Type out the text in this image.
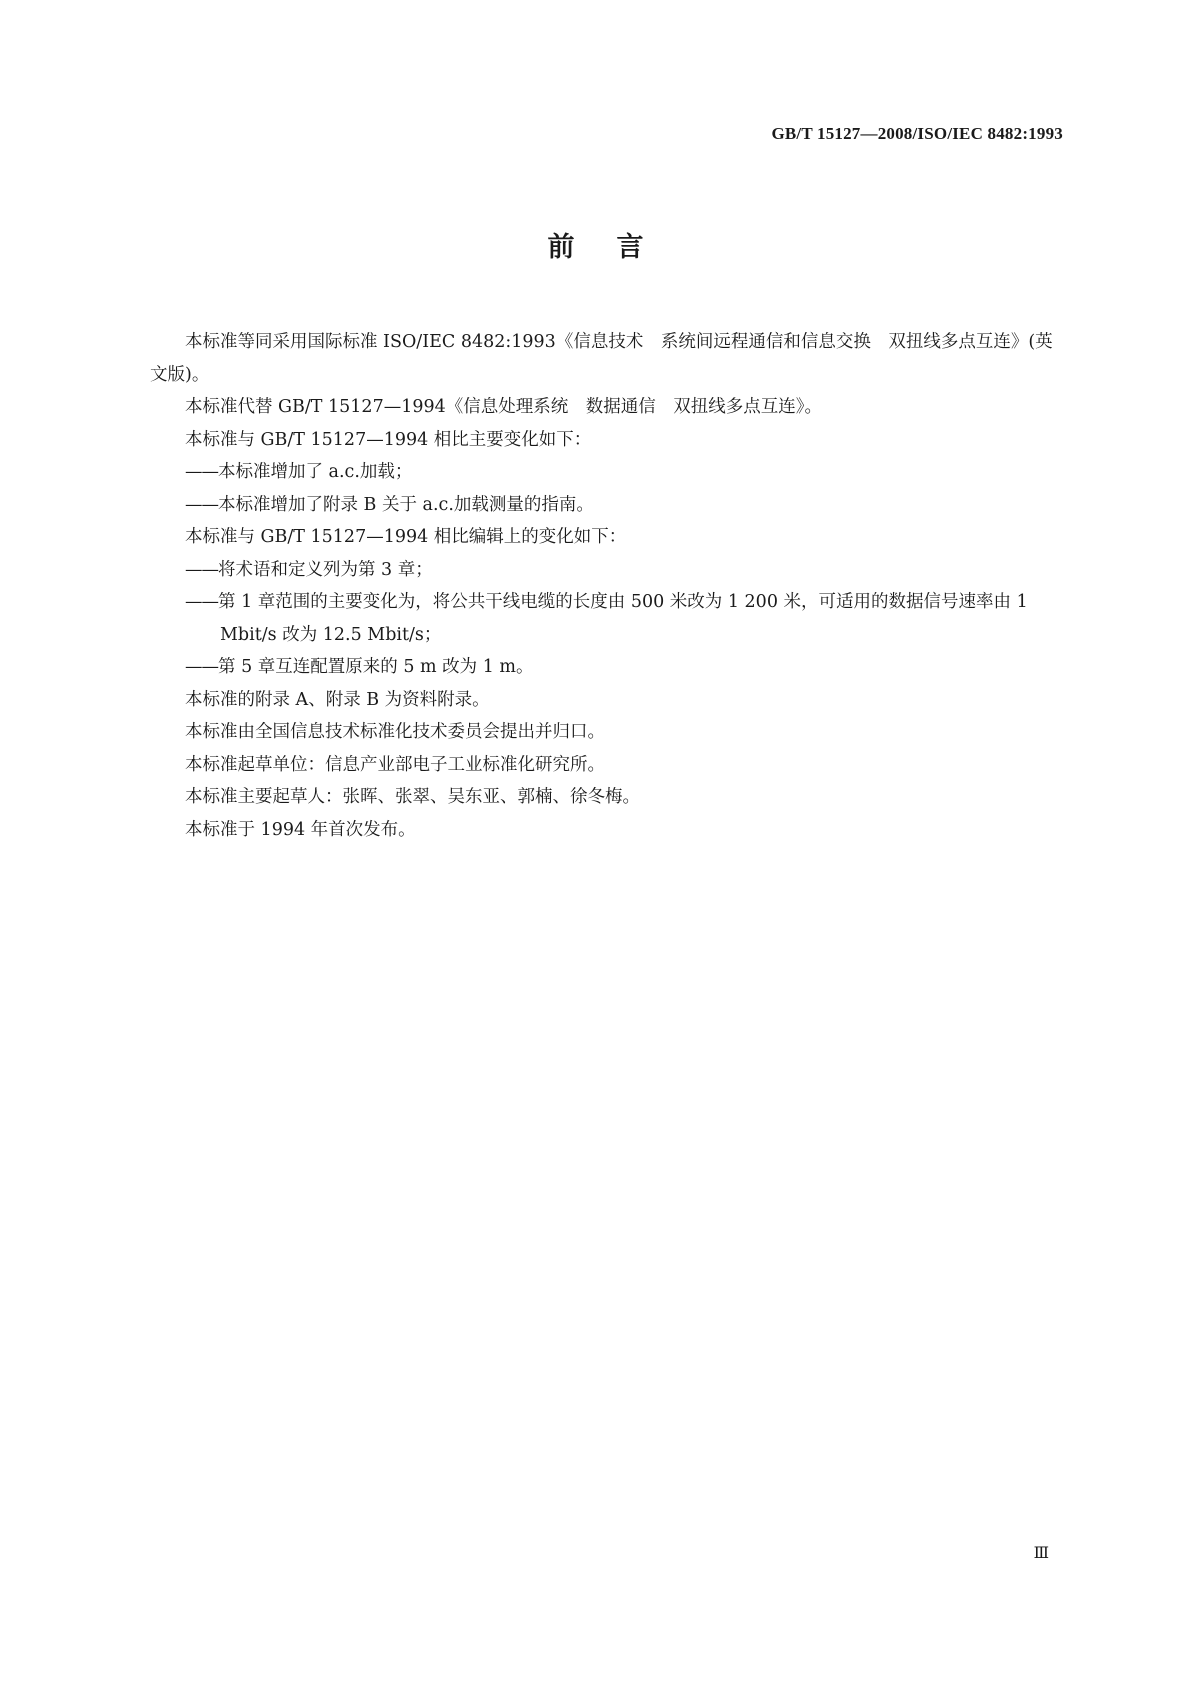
GB/T 15127—2008/ISO/IEC 8482:1993
前言

本标准等同采用国际标准 ISO/IEC 8482:1993《信息技术　系统间远程通信和信息交换　双扭线多点互连》(英文版)。

本标准代替 GB/T 15127—1994《信息处理系统　数据通信　双扭线多点互连》。

本标准与 GB/T 15127—1994 相比主要变化如下：

——本标准增加了 a.c.加载；

——本标准增加了附录 B 关于 a.c.加载测量的指南。

本标准与 GB/T 15127—1994 相比编辑上的变化如下：

——将术语和定义列为第 3 章；

——第 1 章范围的主要变化为，将公共干线电缆的长度由 500 米改为 1 200 米，可适用的数据信号速率由 1 Mbit/s 改为 12.5 Mbit/s；

——第 5 章互连配置原来的 5 m 改为 1 m。

本标准的附录 A、附录 B 为资料附录。

本标准由全国信息技术标准化技术委员会提出并归口。

本标准起草单位：信息产业部电子工业标准化研究所。

本标准主要起草人：张晖、张翠、吴东亚、郭楠、徐冬梅。

本标准于 1994 年首次发布。

Ⅲ
